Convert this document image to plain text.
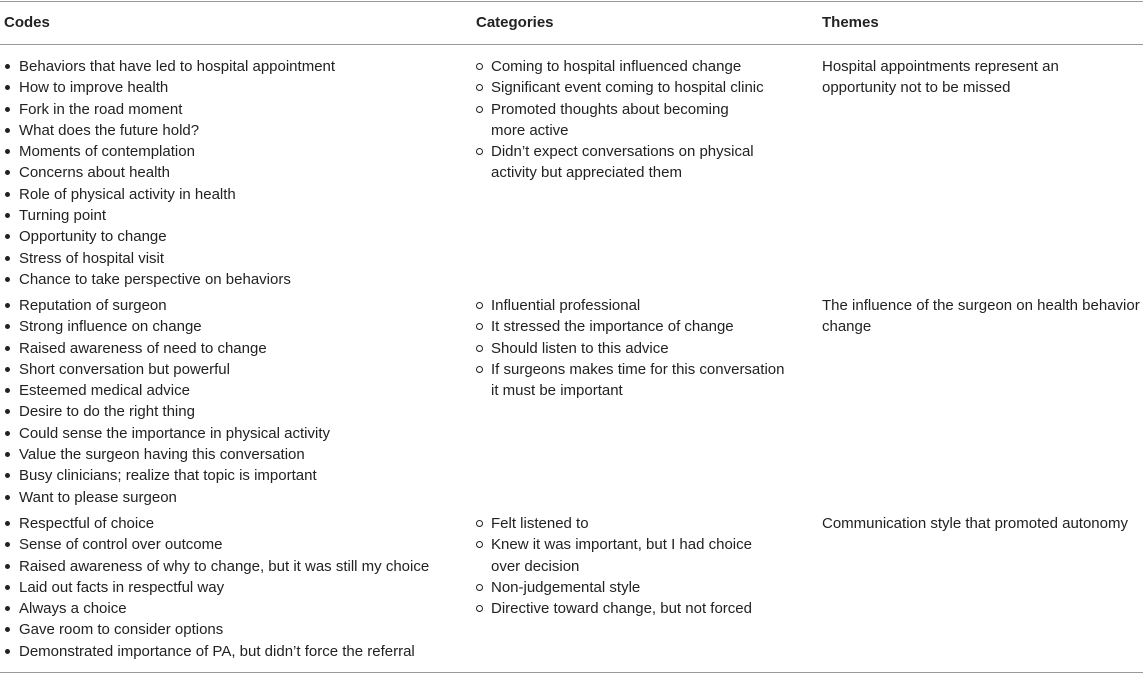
Codes	Categories	Themes
Behaviors that have led to hospital appointment
How to improve health
Fork in the road moment
What does the future hold?
Moments of contemplation
Concerns about health
Role of physical activity in health
Turning point
Opportunity to change
Stress of hospital visit
Chance to take perspective on behaviors
Coming to hospital influenced change
Significant event coming to hospital clinic
Promoted thoughts about becoming more active
Didn’t expect conversations on physical activity but appreciated them

Hospital appointments represent an opportunity not to be missed

Reputation of surgeon
Strong influence on change
Raised awareness of need to change
Short conversation but powerful
Esteemed medical advice
Desire to do the right thing
Could sense the importance in physical activity
Value the surgeon having this conversation
Busy clinicians; realize that topic is important
Want to please surgeon
Influential professional
It stressed the importance of change
Should listen to this advice
If surgeons makes time for this conversation it must be important

The influence of the surgeon on health behavior change

Respectful of choice
Sense of control over outcome
Raised awareness of why to change, but it was still my choice
Laid out facts in respectful way
Always a choice
Gave room to consider options
Demonstrated importance of PA, but didn’t force the referral
Felt listened to
Knew it was important, but I had choice over decision
Non-judgemental style
Directive toward change, but not forced

Communication style that promoted autonomy
